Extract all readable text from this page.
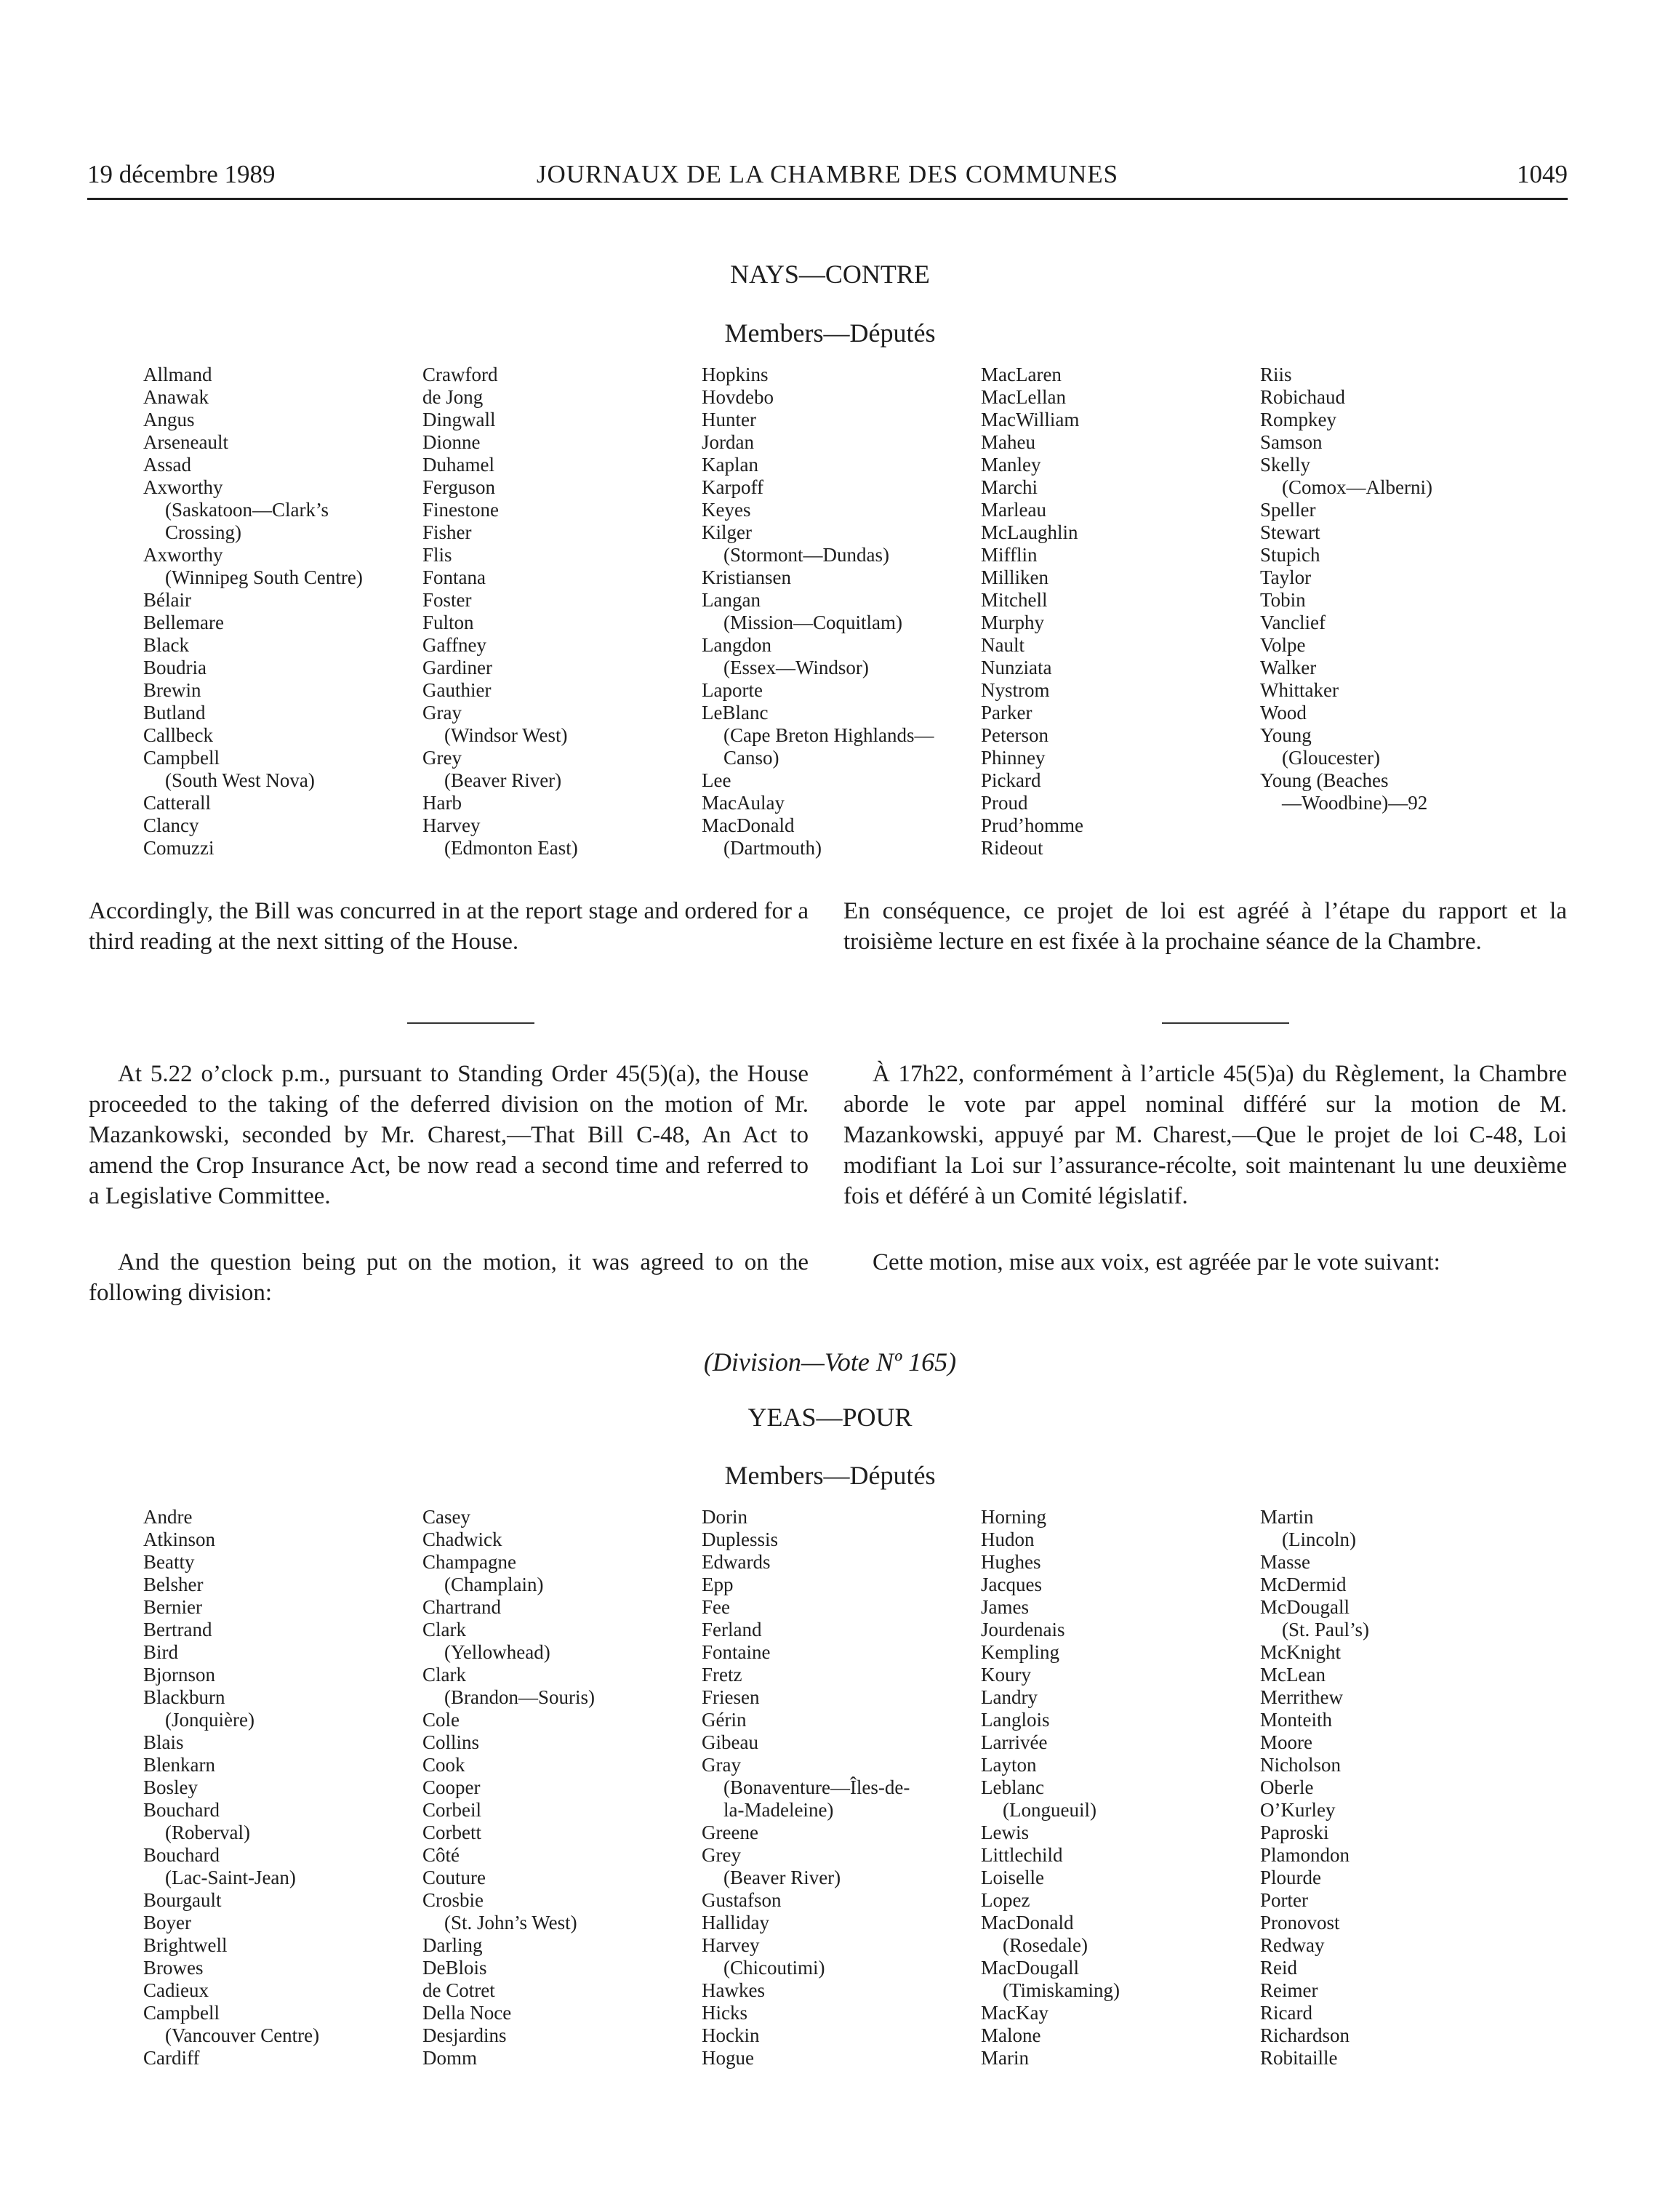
19 décembre 1989	JOURNAUX DE LA CHAMBRE DES COMMUNES	1049
NAYS—CONTRE
Members—Députés
Allmand
Anawak
Angus
Arseneault
Assad
Axworthy
(Saskatoon—Clark’s
Crossing)
Axworthy
(Winnipeg South Centre)
Bélair
Bellemare
Black
Boudria
Brewin
Butland
Callbeck
Campbell
(South West Nova)
Catterall
Clancy
Comuzzi
Crawford
de Jong
Dingwall
Dionne
Duhamel
Ferguson
Finestone
Fisher
Flis
Fontana
Foster
Fulton
Gaffney
Gardiner
Gauthier
Gray
(Windsor West)
Grey
(Beaver River)
Harb
Harvey
(Edmonton East)
Hopkins
Hovdebo
Hunter
Jordan
Kaplan
Karpoff
Keyes
Kilger
(Stormont—Dundas)
Kristiansen
Langan
(Mission—Coquitlam)
Langdon
(Essex—Windsor)
Laporte
LeBlanc
(Cape Breton Highlands—
Canso)
Lee
MacAulay
MacDonald
(Dartmouth)
MacLaren
MacLellan
MacWilliam
Maheu
Manley
Marchi
Marleau
McLaughlin
Mifflin
Milliken
Mitchell
Murphy
Nault
Nunziata
Nystrom
Parker
Peterson
Phinney
Pickard
Proud
Prud’homme
Rideout
Riis
Robichaud
Rompkey
Samson
Skelly
(Comox—Alberni)
Speller
Stewart
Stupich
Taylor
Tobin
Vanclief
Volpe
Walker
Whittaker
Wood
Young
(Gloucester)
Young (Beaches
—Woodbine)—92

Accordingly, the Bill was concurred in at the report stage and ordered for a third reading at the next sitting of the House.

En conséquence, ce projet de loi est agréé à l’étape du rapport et la troisième lecture en est fixée à la prochaine séance de la Chambre.

At 5.22 o’clock p.m., pursuant to Standing Order 45(5)(a), the House proceeded to the taking of the deferred division on the motion of Mr. Mazankowski, seconded by Mr. Charest,—That Bill C-48, An Act to amend the Crop Insurance Act, be now read a second time and referred to a Legislative Committee.

À 17h22, conformément à l’article 45(5)a) du Règlement, la Chambre aborde le vote par appel nominal différé sur la motion de M. Mazankowski, appuyé par M. Charest,—Que le projet de loi C-48, Loi modifiant la Loi sur l’assurance-récolte, soit maintenant lu une deuxième fois et déféré à un Comité législatif.

And the question being put on the motion, it was agreed to on the following division:

Cette motion, mise aux voix, est agréée par le vote suivant:

(Division—Vote Nº 165)
YEAS—POUR
Members—Députés
Andre
Atkinson
Beatty
Belsher
Bernier
Bertrand
Bird
Bjornson
Blackburn
(Jonquière)
Blais
Blenkarn
Bosley
Bouchard
(Roberval)
Bouchard
(Lac-Saint-Jean)
Bourgault
Boyer
Brightwell
Browes
Cadieux
Campbell
(Vancouver Centre)
Cardiff
Casey
Chadwick
Champagne
(Champlain)
Chartrand
Clark
(Yellowhead)
Clark
(Brandon—Souris)
Cole
Collins
Cook
Cooper
Corbeil
Corbett
Côté
Couture
Crosbie
(St. John’s West)
Darling
DeBlois
de Cotret
Della Noce
Desjardins
Domm
Dorin
Duplessis
Edwards
Epp
Fee
Ferland
Fontaine
Fretz
Friesen
Gérin
Gibeau
Gray
(Bonaventure—Îles-de-
la-Madeleine)
Greene
Grey
(Beaver River)
Gustafson
Halliday
Harvey
(Chicoutimi)
Hawkes
Hicks
Hockin
Hogue
Horning
Hudon
Hughes
Jacques
James
Jourdenais
Kempling
Koury
Landry
Langlois
Larrivée
Layton
Leblanc
(Longueuil)
Lewis
Littlechild
Loiselle
Lopez
MacDonald
(Rosedale)
MacDougall
(Timiskaming)
MacKay
Malone
Marin
Martin
(Lincoln)
Masse
McDermid
McDougall
(St. Paul’s)
McKnight
McLean
Merrithew
Monteith
Moore
Nicholson
Oberle
O’Kurley
Paproski
Plamondon
Plourde
Porter
Pronovost
Redway
Reid
Reimer
Ricard
Richardson
Robitaille
